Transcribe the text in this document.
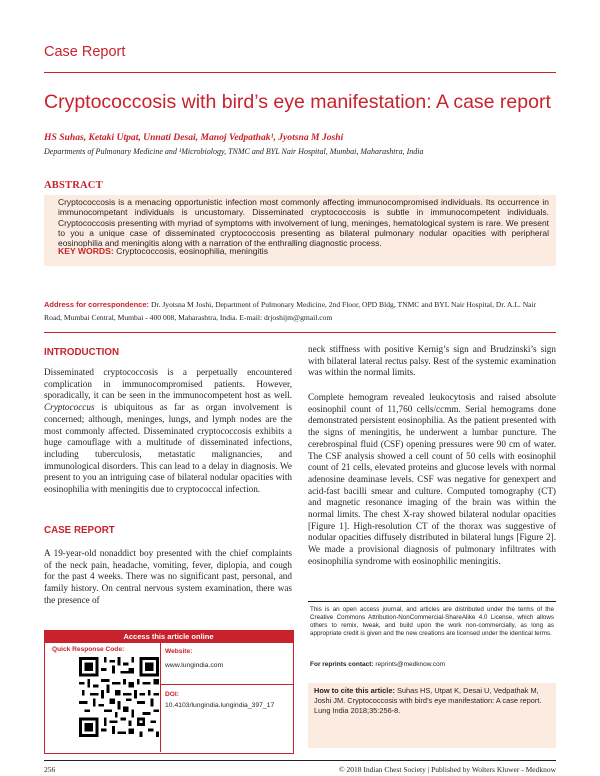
Case Report
Cryptococcosis with bird’s eye manifestation: A case report
HS Suhas, Ketaki Utpat, Unnati Desai, Manoj Vedpathak¹, Jyotsna M Joshi
Departments of Pulmonary Medicine and ¹Microbiology, TNMC and BYL Nair Hospital, Mumbai, Maharashtra, India
ABSTRACT
Cryptococcosis is a menacing opportunistic infection most commonly affecting immunocompromised individuals. Its occurrence in immunocompetant individuals is uncustomary. Disseminated cryptococcosis is subtle in immunocompetent individuals. Cryptococcosis presenting with myriad of symptoms with involvement of lung, meninges, hematological system is rare. We present to you a unique case of disseminated cryptococcosis presenting as bilateral pulmonary nodular opacities with peripheral eosinophilia and meningitis along with a narration of the enthralling diagnostic process.
KEY WORDS: Cryptococcosis, eosinophilia, meningitis
Address for correspondence: Dr. Jyotsna M Joshi, Department of Pulmonary Medicine, 2nd Floor, OPD Bldg, TNMC and BYL Nair Hospital, Dr. A.L. Nair Road, Mumbai Central, Mumbai - 400 008, Maharashtra, India. E-mail: drjoshijm@gmail.com
INTRODUCTION
Disseminated cryptococcosis is a perpetually encountered complication in immunocompromised patients. However, sporadically, it can be seen in the immunocompetent host as well. Cryptococcus is ubiquitous as far as organ involvement is concerned; although, meninges, lungs, and lymph nodes are the most commonly affected. Disseminated cryptococcosis exhibits a huge camouflage with a multitude of disseminated infections, including tuberculosis, metastatic malignancies, and immunological disorders. This can lead to a delay in diagnosis. We present to you an intriguing case of bilateral nodular opacities with eosinophilia with meningitis due to cryptococcal infection.
CASE REPORT
A 19-year-old nonaddict boy presented with the chief complaints of the neck pain, headache, vomiting, fever, diplopia, and cough for the past 4 weeks. There was no significant past, personal, and family history. On central nervous system examination, there was the presence of
neck stiffness with positive Kernig’s sign and Brudzinski’s sign with bilateral lateral rectus palsy. Rest of the systemic examination was within the normal limits.
Complete hemogram revealed leukocytosis and raised absolute eosinophil count of 11,760 cells/ccmm. Serial hemograms done demonstrated persistent eosinophilia. As the patient presented with the signs of meningitis, he underwent a lumbar puncture. The cerebrospinal fluid (CSF) opening pressures were 90 cm of water. The CSF analysis showed a cell count of 50 cells with eosinophil count of 21 cells, elevated proteins and glucose levels with normal adenosine deaminase levels. CSF was negative for genexpert and acid-fast bacilli smear and culture. Computed tomography (CT) and magnetic resonance imaging of the brain was within the normal limits. The chest X-ray showed bilateral nodular opacities [Figure 1]. High-resolution CT of the thorax was suggestive of nodular opacities diffusely distributed in bilateral lungs [Figure 2]. We made a provisional diagnosis of pulmonary infiltrates with eosinophilia syndrome with eosinophilic meningitis.
Access this article online
Quick Response Code:	Website:
www.lungindia.com
DOI:
10.4103/lungindia.lungindia_397_17
This is an open access journal, and articles are distributed under the terms of the Creative Commons Attribution-NonCommercial-ShareAlike 4.0 License, which allows others to remix, tweak, and build upon the work non-commercially, as long as appropriate credit is given and the new creations are licensed under the identical terms.
For reprints contact: reprints@medknow.com
How to cite this article: Suhas HS, Utpat K, Desai U, Vedpathak M, Joshi JM. Cryptococcosis with bird’s eye manifestation: A case report. Lung India 2018;35:256-8.
256	© 2018 Indian Chest Society | Published by Wolters Kluwer - Medknow
